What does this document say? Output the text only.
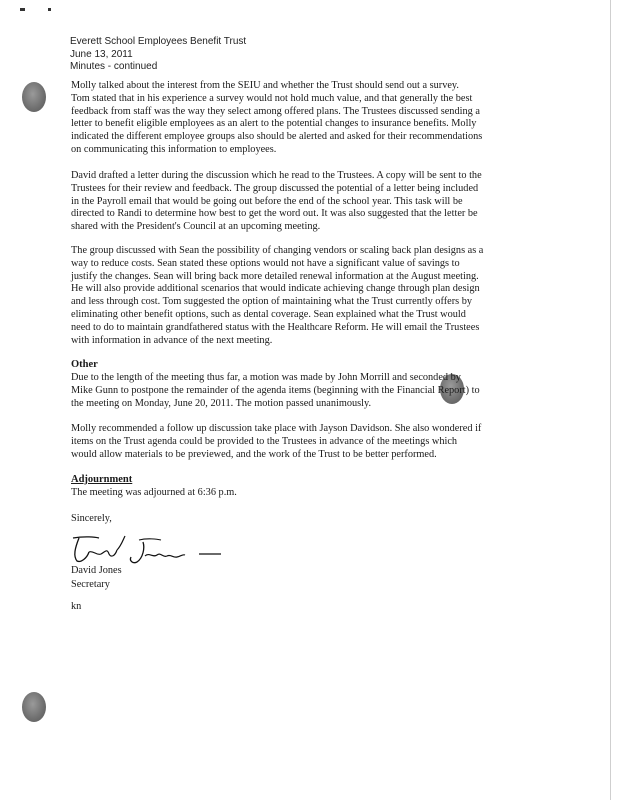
Everett School Employees Benefit Trust
June 13, 2011
Minutes - continued
Molly talked about the interest from the SEIU and whether the Trust should send out a survey.
Tom stated that in his experience a survey would not hold much value, and that generally the best
feedback from staff was the way they select among offered plans. The Trustees discussed sending a
letter to benefit eligible employees as an alert to the potential changes to insurance benefits. Molly
indicated the different employee groups also should be alerted and asked for their recommendations
on communicating this information to employees.
David drafted a letter during the discussion which he read to the Trustees. A copy will be sent to the
Trustees for their review and feedback. The group discussed the potential of a letter being included
in the Payroll email that would be going out before the end of the school year. This task will be
directed to Randi to determine how best to get the word out. It was also suggested that the letter be
shared with the President's Council at an upcoming meeting.
The group discussed with Sean the possibility of changing vendors or scaling back plan designs as a
way to reduce costs. Sean stated these options would not have a significant value of savings to
justify the changes. Sean will bring back more detailed renewal information at the August meeting.
He will also provide additional scenarios that would indicate achieving change through plan design
and less through cost. Tom suggested the option of maintaining what the Trust currently offers by
eliminating other benefit options, such as dental coverage. Sean explained what the Trust would
need to do to maintain grandfathered status with the Healthcare Reform. He will email the Trustees
with information in advance of the next meeting.
Other
Due to the length of the meeting thus far, a motion was made by John Morrill and seconded by
Mike Gunn to postpone the remainder of the agenda items (beginning with the Financial Report) to
the meeting on Monday, June 20, 2011. The motion passed unanimously.
Molly recommended a follow up discussion take place with Jayson Davidson. She also wondered if
items on the Trust agenda could be provided to the Trustees in advance of the meetings which
would allow materials to be previewed, and the work of the Trust to be better performed.
Adjournment
The meeting was adjourned at 6:36 p.m.
Sincerely,
David Jones
Secretary
kn
